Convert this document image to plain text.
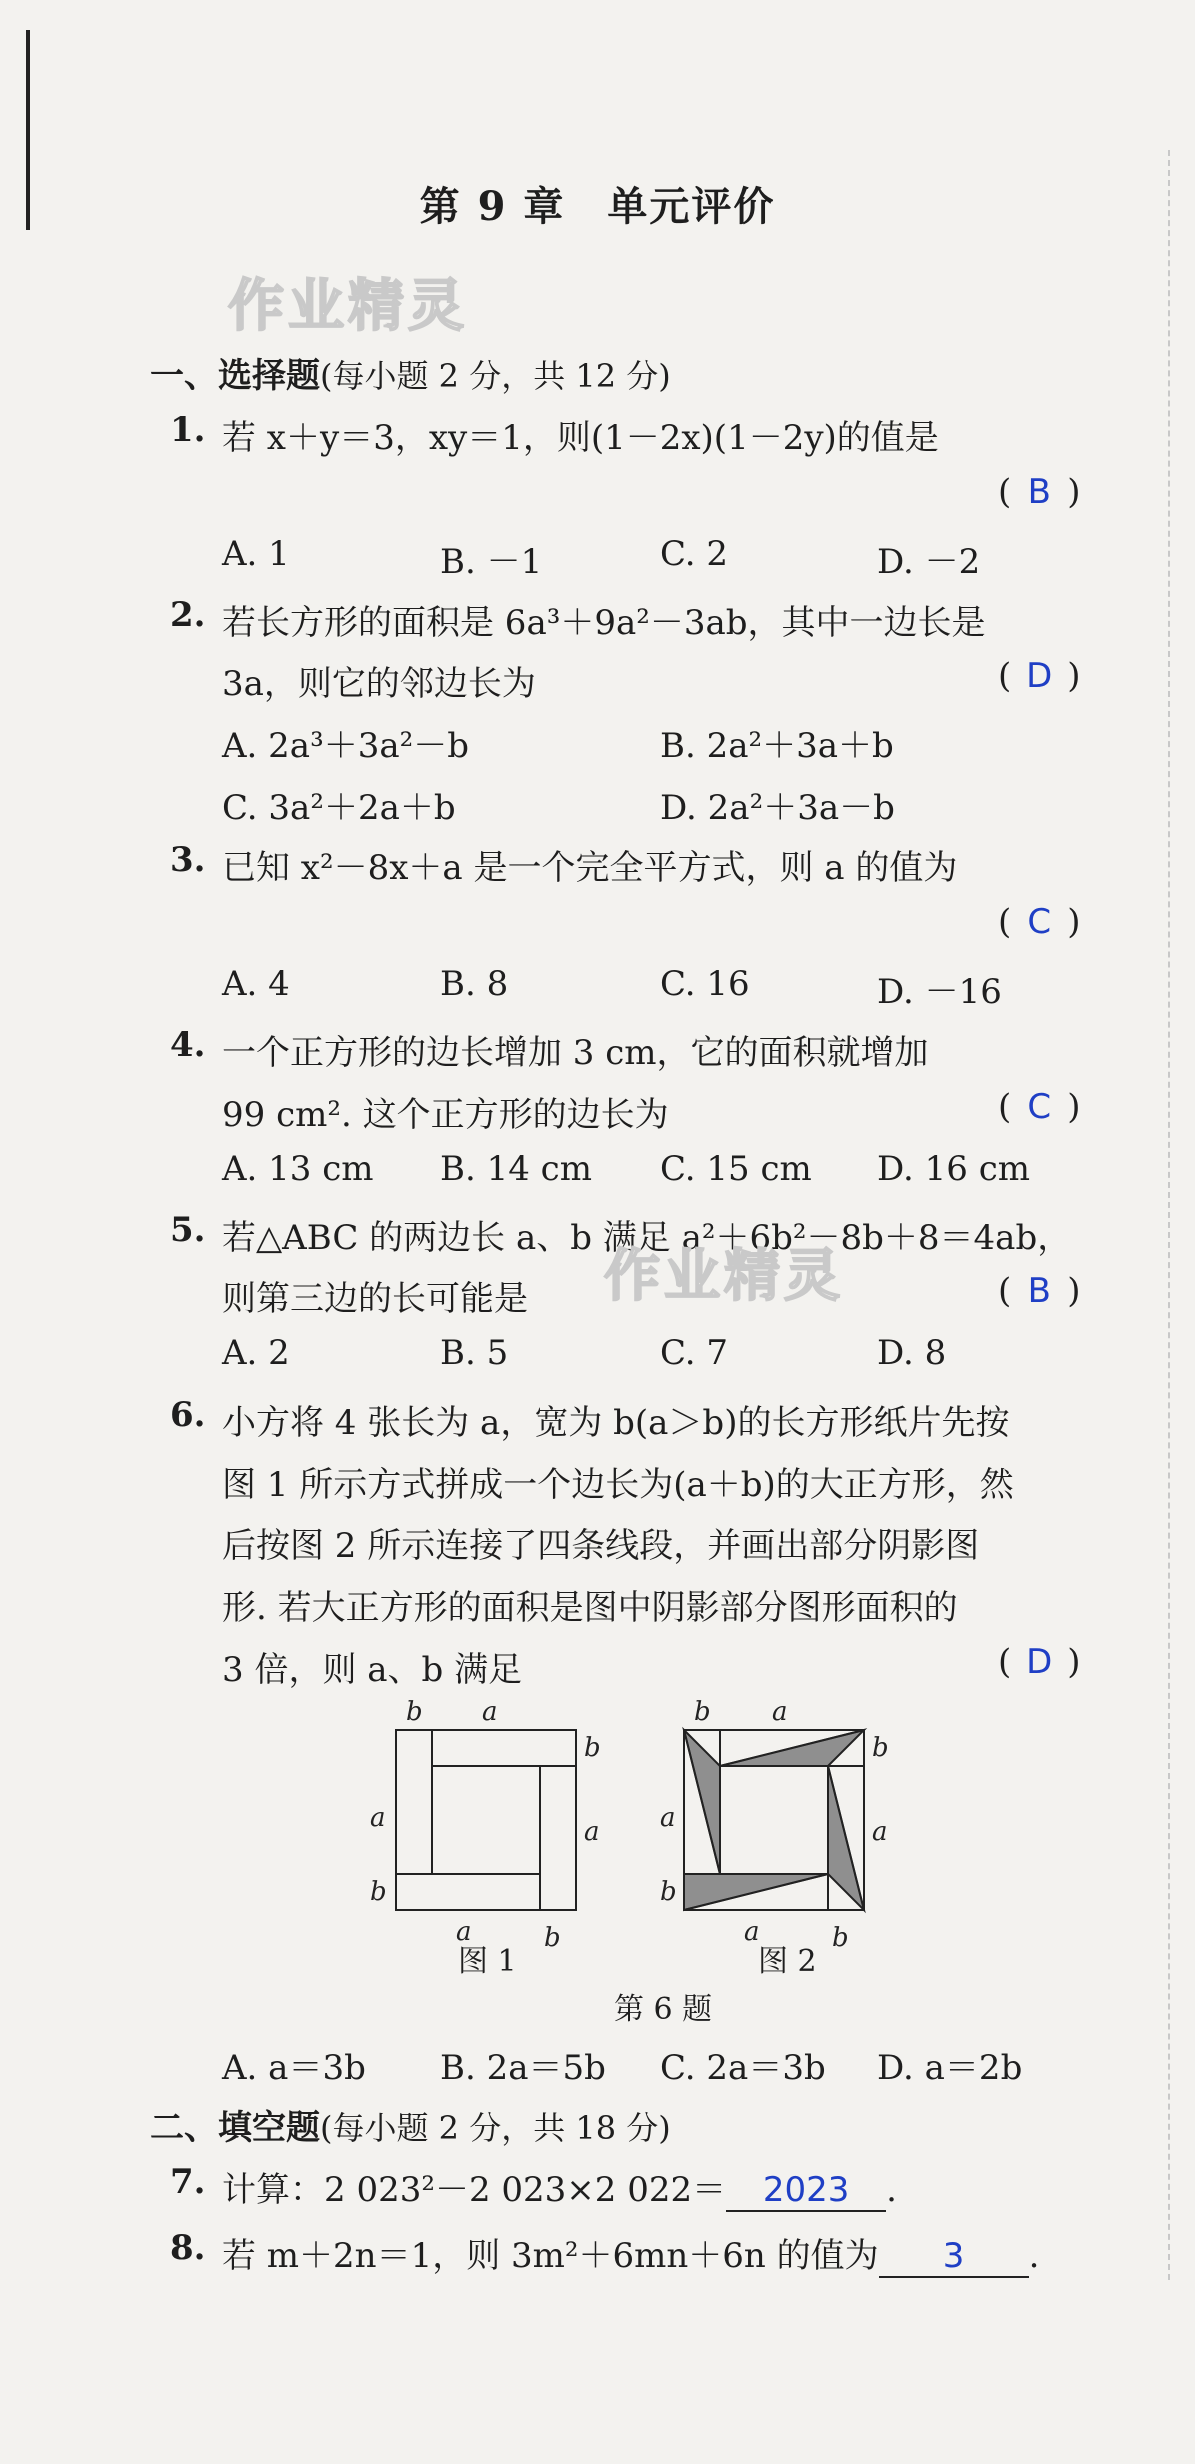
第 9 章　单元评价
作业精灵
一、选择题(每小题 2 分，共 12 分)
1. 若 x＋y＝3，xy＝1，则(1－2x)(1－2y)的值是
( B )
A. 1	B. －1	C. 2	D. －2
2. 若长方形的面积是 6a³＋9a²－3ab，其中一边长是
3a，则它的邻边长为	( D )
A. 2a³＋3a²－b	B. 2a²＋3a＋b
C. 3a²＋2a＋b	D. 2a²＋3a－b
3. 已知 x²－8x＋a 是一个完全平方式，则 a 的值为
( C )
A. 4	B. 8	C. 16	D. －16
4. 一个正方形的边长增加 3 cm，它的面积就增加
99 cm². 这个正方形的边长为	( C )
A. 13 cm B. 14 cm C. 15 cm D. 16 cm
5. 若△ABC 的两边长 a、b 满足 a²＋6b²－8b＋8＝4ab，
作业精灵
则第三边的长可能是	( B )
A. 2	B. 5	C. 7	D. 8
6. 小方将 4 张长为 a，宽为 b(a＞b)的长方形纸片先按
图 1 所示方式拼成一个边长为(a＋b)的大正方形，然
后按图 2 所示连接了四条线段，并画出部分阴影图
形. 若大正方形的面积是图中阴影部分图形面积的
3 倍，则 a、b 满足	( D )
b a
b
a
a
b
a	b
b a
b
a
a
b
a	b
图 1	图 2
第 6 题
A. a＝3b B. 2a＝5b C. 2a＝3b D. a＝2b
二、填空题(每小题 2 分，共 18 分)
7. 计算：2 023²－2 023×2 022＝ 2023 .
8. 若 m＋2n＝1，则 3m²＋6mn＋6n 的值为 3 .
